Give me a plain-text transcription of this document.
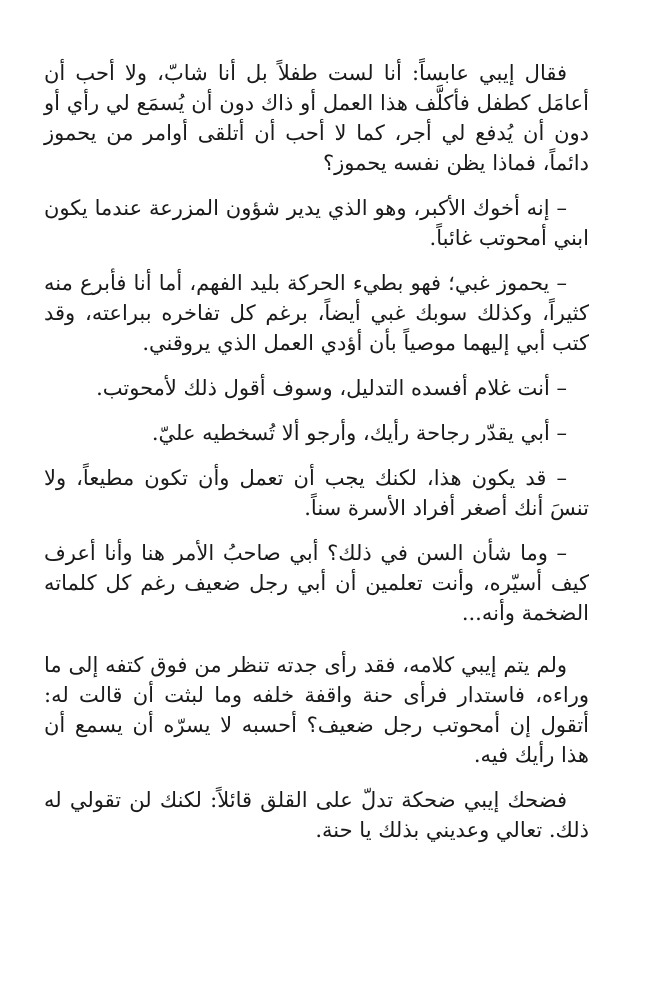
فقال إيبي عابساً: أنا لست طفلاً بل أنا شابّ، ولا أحب أن أعامَل كطفل فأكلَّف هذا العمل أو ذاك دون أن يُسمَع لي رأي أو دون أن يُدفع لي أجر، كما لا أحب أن أتلقى أوامر من يحموز دائماً، فماذا يظن نفسه يحموز؟

– إنه أخوك الأكبر، وهو الذي يدير شؤون المزرعة عندما يكون ابني أمحوتب غائباً.

– يحموز غبي؛ فهو بطيء الحركة بليد الفهم، أما أنا فأبرع منه كثيراً، وكذلك سوبك غبي أيضاً، برغم كل تفاخره ببراعته، وقد كتب أبي إليهما موصياً بأن أؤدي العمل الذي يروقني.

– أنت غلام أفسده التدليل، وسوف أقول ذلك لأمحوتب.

– أبي يقدّر رجاحة رأيك، وأرجو ألا تُسخطيه عليّ.

– قد يكون هذا، لكنك يجب أن تعمل وأن تكون مطيعاً، ولا تنسَ أنك أصغر أفراد الأسرة سناً.

– وما شأن السن في ذلك؟ أبي صاحبُ الأمر هنا وأنا أعرف كيف أسيّره، وأنت تعلمين أن أبي رجل ضعيف رغم كل كلماته الضخمة وأنه...

ولم يتم إيبي كلامه، فقد رأى جدته تنظر من فوق كتفه إلى ما وراءه، فاستدار فرأى حنة واقفة خلفه وما لبثت أن قالت له: أتقول إن أمحوتب رجل ضعيف؟ أحسبه لا يسرّه أن يسمع أن هذا رأيك فيه.

فضحك إيبي ضحكة تدلّ على القلق قائلاً: لكنك لن تقولي له ذلك. تعالي وعديني بذلك يا حنة.
